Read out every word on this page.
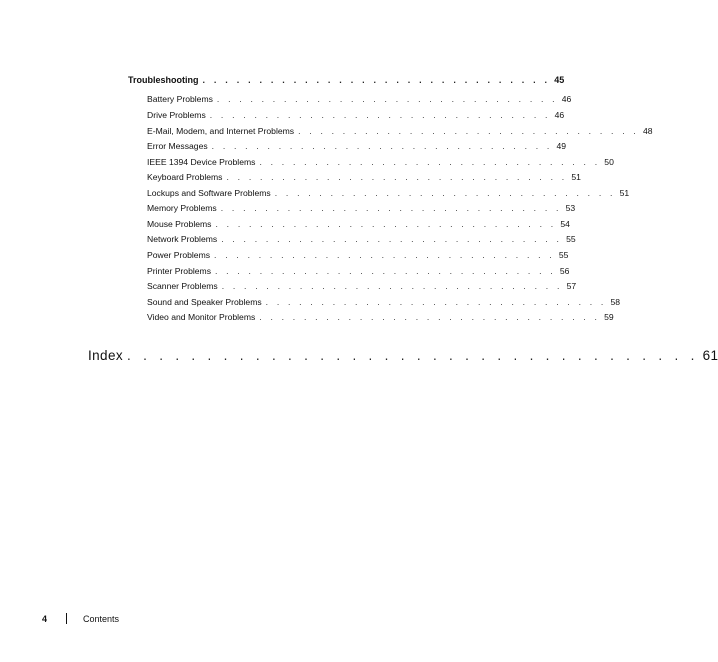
Troubleshooting . . . . . . . . . . . . . . . . . . . . . . . . . . . . . . . 45
Battery Problems . . . . . . . . . . . . . . . . . . . . . . . . . . . . . . . 46
Drive Problems . . . . . . . . . . . . . . . . . . . . . . . . . . . . . . . 46
E-Mail, Modem, and Internet Problems . . . . . . . . . . . . . . . . . . . . . . . . . . . . . . . 48
Error Messages . . . . . . . . . . . . . . . . . . . . . . . . . . . . . . . 49
IEEE 1394 Device Problems . . . . . . . . . . . . . . . . . . . . . . . . . . . . . . . 50
Keyboard Problems . . . . . . . . . . . . . . . . . . . . . . . . . . . . . . . 51
Lockups and Software Problems . . . . . . . . . . . . . . . . . . . . . . . . . . . . . . . 51
Memory Problems . . . . . . . . . . . . . . . . . . . . . . . . . . . . . . . 53
Mouse Problems . . . . . . . . . . . . . . . . . . . . . . . . . . . . . . . 54
Network Problems . . . . . . . . . . . . . . . . . . . . . . . . . . . . . . . 55
Power Problems . . . . . . . . . . . . . . . . . . . . . . . . . . . . . . . 55
Printer Problems . . . . . . . . . . . . . . . . . . . . . . . . . . . . . . . 56
Scanner Problems . . . . . . . . . . . . . . . . . . . . . . . . . . . . . . . 57
Sound and Speaker Problems . . . . . . . . . . . . . . . . . . . . . . . . . . . . . . . 58
Video and Monitor Problems . . . . . . . . . . . . . . . . . . . . . . . . . . . . . . . 59
Index . . . . . . . . . . . . . . . . . . . . . . . . . . . . . . . . . . . . 61
4	Contents
